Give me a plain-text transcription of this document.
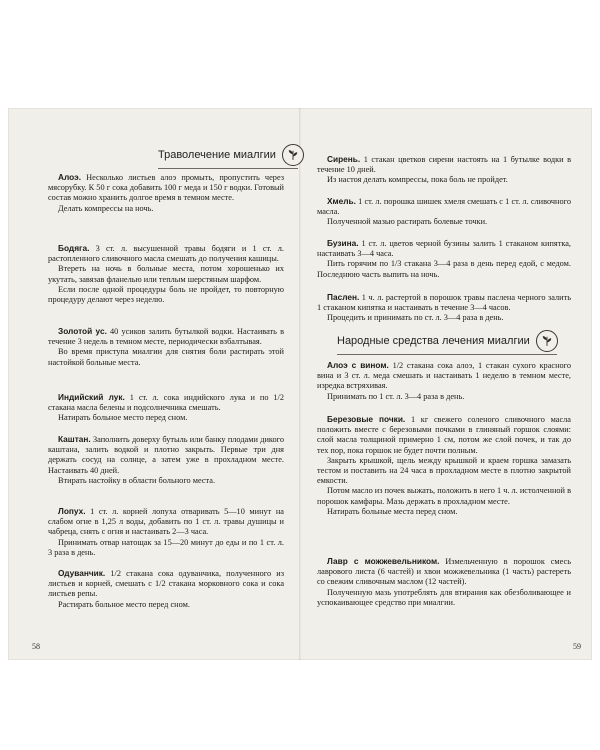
Траволечение миалгии

Алоэ. Несколько листьев алоэ промыть, пропустить через мясорубку. К 50 г сока добавить 100 г меда и 150 г водки. Готовый состав можно хранить долгое время в темном месте.

Делать компрессы на ночь.

Бодяга. 3 ст. л. высушенной травы бодяги и 1 ст. л. растопленного сливочного масла смешать до получения кашицы.

Втереть на ночь в больные места, потом хорошенько их укутать, завязав фланелью или теплым шерстяным шарфом.

Если после одной процедуры боль не пройдет, то повторную процедуру делают через неделю.

Золотой ус. 40 усиков залить бутылкой водки. Настаивать в течение 3 недель в темном месте, периодически взбалтывая.

Во время приступа миалгии для снятия боли растирать этой настойкой больные места.

Индийский лук. 1 ст. л. сока индийского лука и по 1/2 стакана масла белены и подсолнечника смешать.

Натирать больное место перед сном.

Каштан. Заполнить доверху бутыль или банку плодами дикого каштана, залить водкой и плотно закрыть. Первые три дня держать сосуд на солнце, а затем уже в прохладном месте. Настаивать 40 дней.

Втирать настойку в области больного места.

Лопух. 1 ст. л. корней лопуха отваривать 5—10 минут на слабом огне в 1,25 л воды, добавить по 1 ст. л. травы душицы и чабреца, снять с огня и настаивать 2—3 часа.

Принимать отвар натощак за 15—20 минут до еды и по 1 ст. л. 3 раза в день.

Одуванчик. 1/2 стакана сока одуванчика, полученного из листьев и корней, смешать с 1/2 стакана морковного сока и сока листьев репы.

Растирать больное место перед сном.

58

Сирень. 1 стакан цветков сирени настоять на 1 бутылке водки в течение 10 дней.

Из настоя делать компрессы, пока боль не пройдет.

Хмель. 1 ст. л. порошка шишек хмеля смешать с 1 ст. л. сливочного масла.

Полученной мазью растирать болевые точки.

Бузина. 1 ст. л. цветов черной бузины залить 1 стаканом кипятка, настаивать 3—4 часа.

Пить горячим по 1/3 стакана 3—4 раза в день перед едой, с медом. Последнюю часть выпить на ночь.

Паслен. 1 ч. л. растертой в порошок травы паслена черного залить 1 стаканом кипятка и настаивать в течение 3—4 часов.

Процедить и принимать по ст. л. 3—4 раза в день.

Народные средства лечения миалгии

Алоэ с вином. 1/2 стакана сока алоэ, 1 стакан сухого красного вина и 3 ст. л. меда смешать и настаивать 1 неделю в темном месте, изредка встряхивая.

Принимать по 1 ст. л. 3—4 раза в день.

Березовые почки. 1 кг свежего соленого сливочного масла положить вместе с березовыми почками в глиняный горшок слоями: слой масла толщиной примерно 1 см, потом же слой почек, и так до тех пор, пока горшок не будет почти полным.

Закрыть крышкой, щель между крышкой и краем горшка замазать тестом и поставить на 24 часа в прохладном месте в плотно закрытой емкости.

Потом масло из почек выжать, положить в него 1 ч. л. истолченной в порошок камфары. Мазь держать в прохладном месте.

Натирать больные места перед сном.

Лавр с можжевельником. Измельченную в порошок смесь лаврового листа (6 частей) и хвои можжевельника (1 часть) растереть со свежим сливочным маслом (12 частей).

Полученную мазь употреблять для втирания как обезболивающее и успокаивающее средство при миалгии.

59
